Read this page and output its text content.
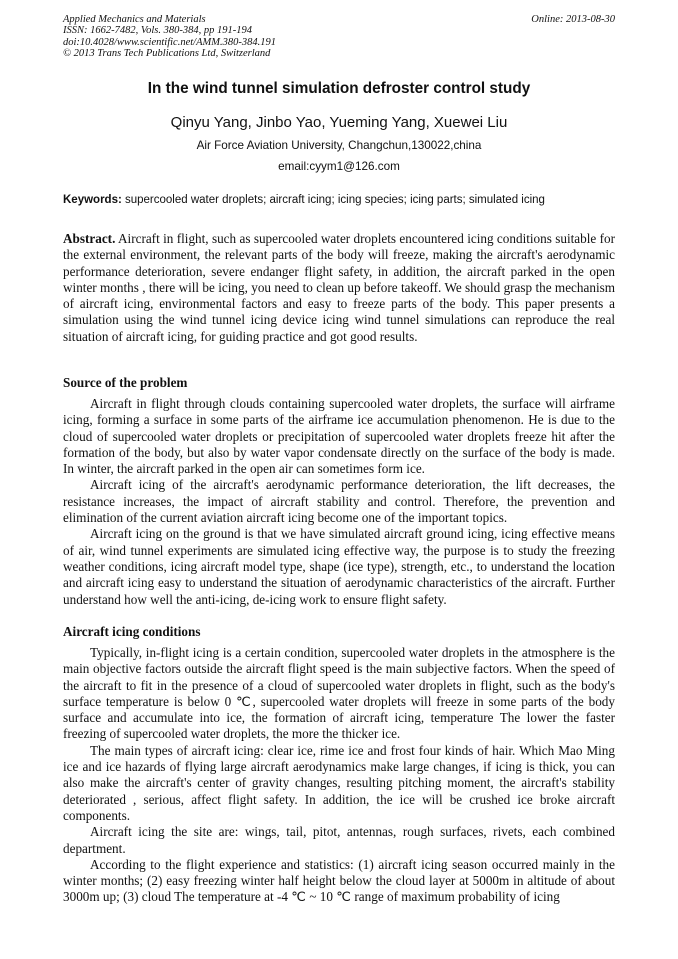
Applied Mechanics and Materials
ISSN: 1662-7482, Vols. 380-384, pp 191-194
doi:10.4028/www.scientific.net/AMM.380-384.191
© 2013 Trans Tech Publications Ltd, Switzerland
Online: 2013-08-30
In the wind tunnel simulation defroster control study
Qinyu Yang, Jinbo Yao, Yueming Yang, Xuewei Liu
Air Force Aviation University, Changchun,130022,china
email:cyym1@126.com
Keywords: supercooled water droplets; aircraft icing; icing species; icing parts; simulated icing

Abstract. Aircraft in flight, such as supercooled water droplets encountered icing conditions suitable for the external environment, the relevant parts of the body will freeze, making the aircraft's aerodynamic performance deterioration, severe endanger flight safety, in addition, the aircraft parked in the open winter months , there will be icing, you need to clean up before takeoff. We should grasp the mechanism of aircraft icing, environmental factors and easy to freeze parts of the body. This paper presents a simulation using the wind tunnel icing device icing wind tunnel simulations can reproduce the real situation of aircraft icing, for guiding practice and got good results.

Source of the problem

Aircraft in flight through clouds containing supercooled water droplets, the surface will airframe icing, forming a surface in some parts of the airframe ice accumulation phenomenon. He is due to the cloud of supercooled water droplets or precipitation of supercooled water droplets freeze hit after the formation of the body, but also by water vapor condensate directly on the surface of the body is made. In winter, the aircraft parked in the open air can sometimes form ice.

Aircraft icing of the aircraft's aerodynamic performance deterioration, the lift decreases, the resistance increases, the impact of aircraft stability and control. Therefore, the prevention and elimination of the current aviation aircraft icing become one of the important topics.

Aircraft icing on the ground is that we have simulated aircraft ground icing, icing effective means of air, wind tunnel experiments are simulated icing effective way, the purpose is to study the freezing weather conditions, icing aircraft model type, shape (ice type), strength, etc., to understand the location and aircraft icing easy to understand the situation of aerodynamic characteristics of the aircraft. Further understand how well the anti-icing, de-icing work to ensure flight safety.

Aircraft icing conditions

Typically, in-flight icing is a certain condition, supercooled water droplets in the atmosphere is the main objective factors outside the aircraft flight speed is the main subjective factors. When the speed of the aircraft to fit in the presence of a cloud of supercooled water droplets in flight, such as the body's surface temperature is below 0 ℃, supercooled water droplets will freeze in some parts of the body surface and accumulate into ice, the formation of aircraft icing, temperature The lower the faster freezing of supercooled water droplets, the more the thicker ice.

The main types of aircraft icing: clear ice, rime ice and frost four kinds of hair. Which Mao Ming ice and ice hazards of flying large aircraft aerodynamics make large changes, if icing is thick, you can also make the aircraft's center of gravity changes, resulting pitching moment, the aircraft's stability deteriorated , serious, affect flight safety. In addition, the ice will be crushed ice broke aircraft components.

Aircraft icing the site are: wings, tail, pitot, antennas, rough surfaces, rivets, each combined department.

According to the flight experience and statistics: (1) aircraft icing season occurred mainly in the winter months; (2) easy freezing winter half height below the cloud layer at 5000m in altitude of about 3000m up; (3) cloud The temperature at -4 ℃ ~ 10 ℃ range of maximum probability of icing
